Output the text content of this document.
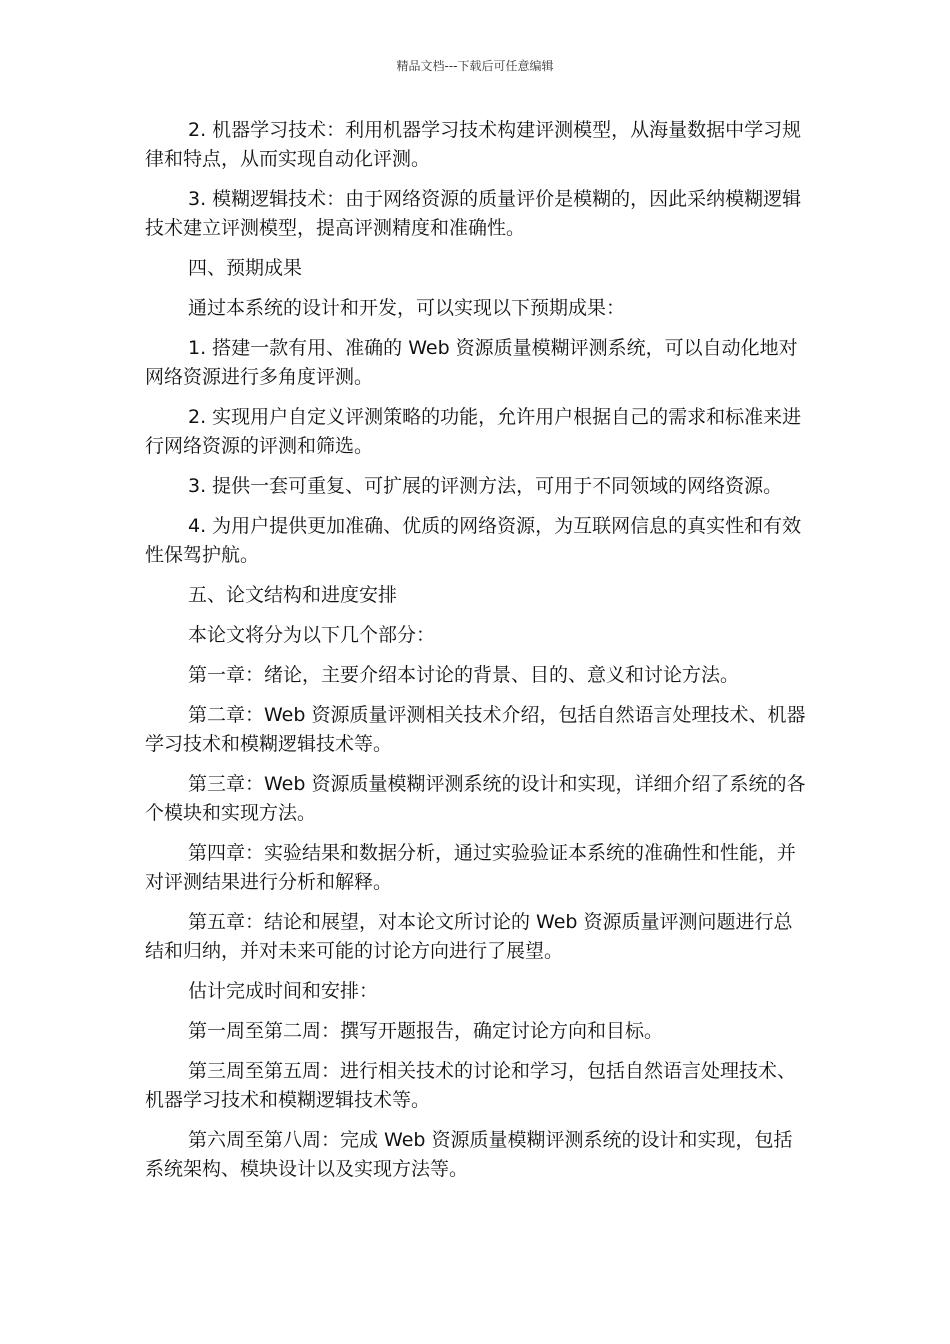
精品文档---下载后可任意编辑

2. 机器学习技术：利用机器学习技术构建评测模型，从海量数据中学习规律和特点，从而实现自动化评测。

3. 模糊逻辑技术：由于网络资源的质量评价是模糊的，因此采纳模糊逻辑技术建立评测模型，提高评测精度和准确性。

四、预期成果

通过本系统的设计和开发，可以实现以下预期成果：

1. 搭建一款有用、准确的 Web 资源质量模糊评测系统，可以自动化地对网络资源进行多角度评测。

2. 实现用户自定义评测策略的功能，允许用户根据自己的需求和标准来进行网络资源的评测和筛选。

3. 提供一套可重复、可扩展的评测方法，可用于不同领域的网络资源。

4. 为用户提供更加准确、优质的网络资源，为互联网信息的真实性和有效性保驾护航。

五、论文结构和进度安排

本论文将分为以下几个部分：

第一章：绪论，主要介绍本讨论的背景、目的、意义和讨论方法。

第二章：Web 资源质量评测相关技术介绍，包括自然语言处理技术、机器学习技术和模糊逻辑技术等。

第三章：Web 资源质量模糊评测系统的设计和实现，详细介绍了系统的各个模块和实现方法。

第四章：实验结果和数据分析，通过实验验证本系统的准确性和性能，并对评测结果进行分析和解释。

第五章：结论和展望，对本论文所讨论的 Web 资源质量评测问题进行总结和归纳，并对未来可能的讨论方向进行了展望。

估计完成时间和安排：

第一周至第二周：撰写开题报告，确定讨论方向和目标。

第三周至第五周：进行相关技术的讨论和学习，包括自然语言处理技术、机器学习技术和模糊逻辑技术等。

第六周至第八周：完成 Web 资源质量模糊评测系统的设计和实现，包括系统架构、模块设计以及实现方法等。
